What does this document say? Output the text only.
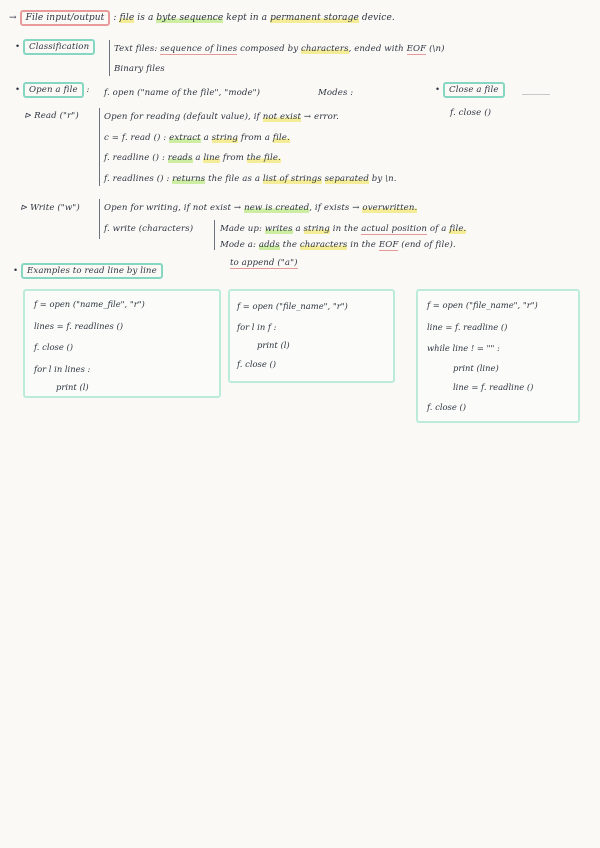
→ File input/output : file is a byte sequence kept in a permanent storage device.
• Classification	Text files: sequence of lines composed by characters, ended with EOF (\n)
Binary files
• Open a file : f. open ("name of the file", "mode")	Modes :	• Close a file
f. close ()
⊳ Read ("r")	Open for reading (default value), if not exist → error.
c = f. read () : extract a string from a file.
f. readline () : reads a line from the file.
f. readlines () : returns the file as a list of strings separated by \n.
⊳ Write ("w")	Open for writing, if not exist → new is created, if exists → overwritten.
f. write (characters)	Made up: writes a string in the actual position of a file.
Mode a: adds the characters in the EOF (end of file).
to append ("a")
• Examples to read line by line
f = open ("name_file", "r")
lines = f. readlines ()
f. close ()
for l in lines :
print (l)
f = open ("file_name", "r")
for l in f :
print (l)
f. close ()
f = open ("file_name", "r")
line = f. readline ()
while line ! = "" :
print (line)
line = f. readline ()
f. close ()
